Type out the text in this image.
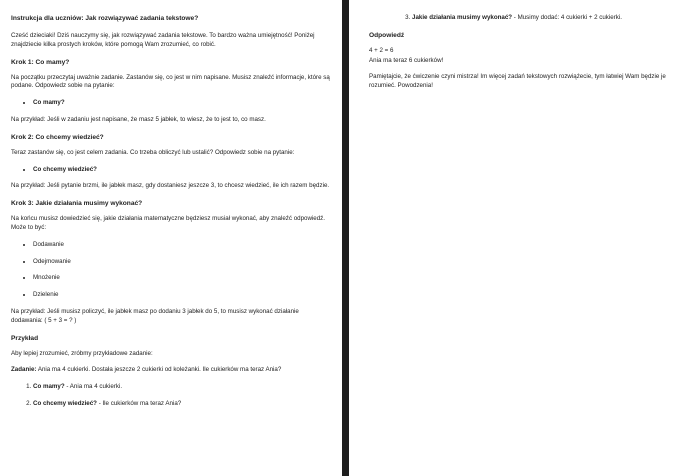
Instrukcja dla uczniów: Jak rozwiązywać zadania tekstowe?

Cześć dzieciaki! Dziś nauczymy się, jak rozwiązywać zadania tekstowe. To bardzo ważna umiejętność! Poniżej znajdziecie kilka prostych kroków, które pomogą Wam zrozumieć, co robić.

Krok 1: Co mamy?

Na początku przeczytaj uważnie zadanie. Zastanów się, co jest w nim napisane. Musisz znaleźć informacje, które są podane. Odpowiedz sobie na pytanie:

• Co mamy?

Na przykład: Jeśli w zadaniu jest napisane, że masz 5 jabłek, to wiesz, że to jest to, co masz.

Krok 2: Co chcemy wiedzieć?

Teraz zastanów się, co jest celem zadania. Co trzeba obliczyć lub ustalić? Odpowiedz sobie na pytanie:

• Co chcemy wiedzieć?

Na przykład: Jeśli pytanie brzmi, ile jabłek masz, gdy dostaniesz jeszcze 3, to chcesz wiedzieć, ile ich razem będzie.

Krok 3: Jakie działania musimy wykonać?

Na końcu musisz dowiedzieć się, jakie działania matematyczne będziesz musiał wykonać, aby znaleźć odpowiedź. Może to być:

• Dodawanie
• Odejmowanie
• Mnożenie
• Dzielenie

Na przykład: Jeśli musisz policzyć, ile jabłek masz po dodaniu 3 jabłek do 5, to musisz wykonać działanie dodawania: ( 5 + 3 = ? )

Przykład

Aby lepiej zrozumieć, zróbmy przykładowe zadanie:

Zadanie: Ania ma 4 cukierki. Dostała jeszcze 2 cukierki od koleżanki. Ile cukierków ma teraz Ania?

1. Co mamy? - Ania ma 4 cukierki.
2. Co chcemy wiedzieć? - Ile cukierków ma teraz Ania?
3. Jakie działania musimy wykonać? - Musimy dodać: 4 cukierki + 2 cukierki.
Odpowiedź

4 + 2 = 6

Ania ma teraz 6 cukierków!

Pamiętajcie, że ćwiczenie czyni mistrza! Im więcej zadań tekstowych rozwiążecie, tym łatwiej Wam będzie je rozumieć. Powodzenia!
